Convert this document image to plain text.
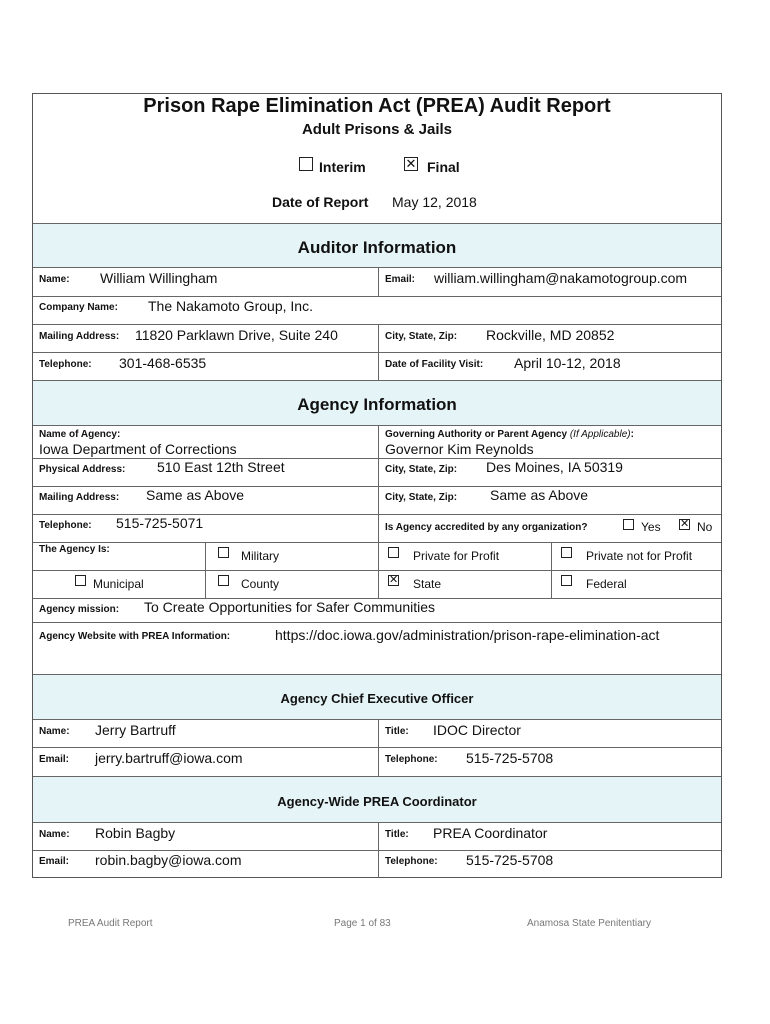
Prison Rape Elimination Act (PREA) Audit Report
Adult Prisons & Jails
Interim	✕ Final
Date of Report May 12, 2018
Auditor Information
Name: William Willingham	Email: william.willingham@nakamotogroup.com
Company Name: The Nakamoto Group, Inc.
Mailing Address: 11820 Parklawn Drive, Suite 240	City, State, Zip: Rockville, MD 20852
Telephone: 301-468-6535	Date of Facility Visit: April 10-12, 2018
Agency Information
Name of Agency:
Iowa Department of Corrections
Governing Authority or Parent Agency (If Applicable):
Governor Kim Reynolds
Physical Address: 510 East 12th Street	City, State, Zip: Des Moines, IA 50319
Mailing Address: Same as Above	City, State, Zip: Same as Above
Telephone: 515-725-5071	Is Agency accredited by any organization?	Yes ✕ No
The Agency Is:	Military	Private for Profit	Private not for Profit
Municipal	County	✕ State	Federal
Agency mission: To Create Opportunities for Safer Communities
Agency Website with PREA Information:	https://doc.iowa.gov/administration/prison-rape-elimination-act
Agency Chief Executive Officer
Name: Jerry Bartruff	Title: IDOC Director
Email: jerry.bartruff@iowa.com	Telephone: 515-725-5708
Agency-Wide PREA Coordinator
Name: Robin Bagby	Title: PREA Coordinator
Email: robin.bagby@iowa.com	Telephone: 515-725-5708
PREA Audit Report	Page 1 of 83	Anamosa State Penitentiary
